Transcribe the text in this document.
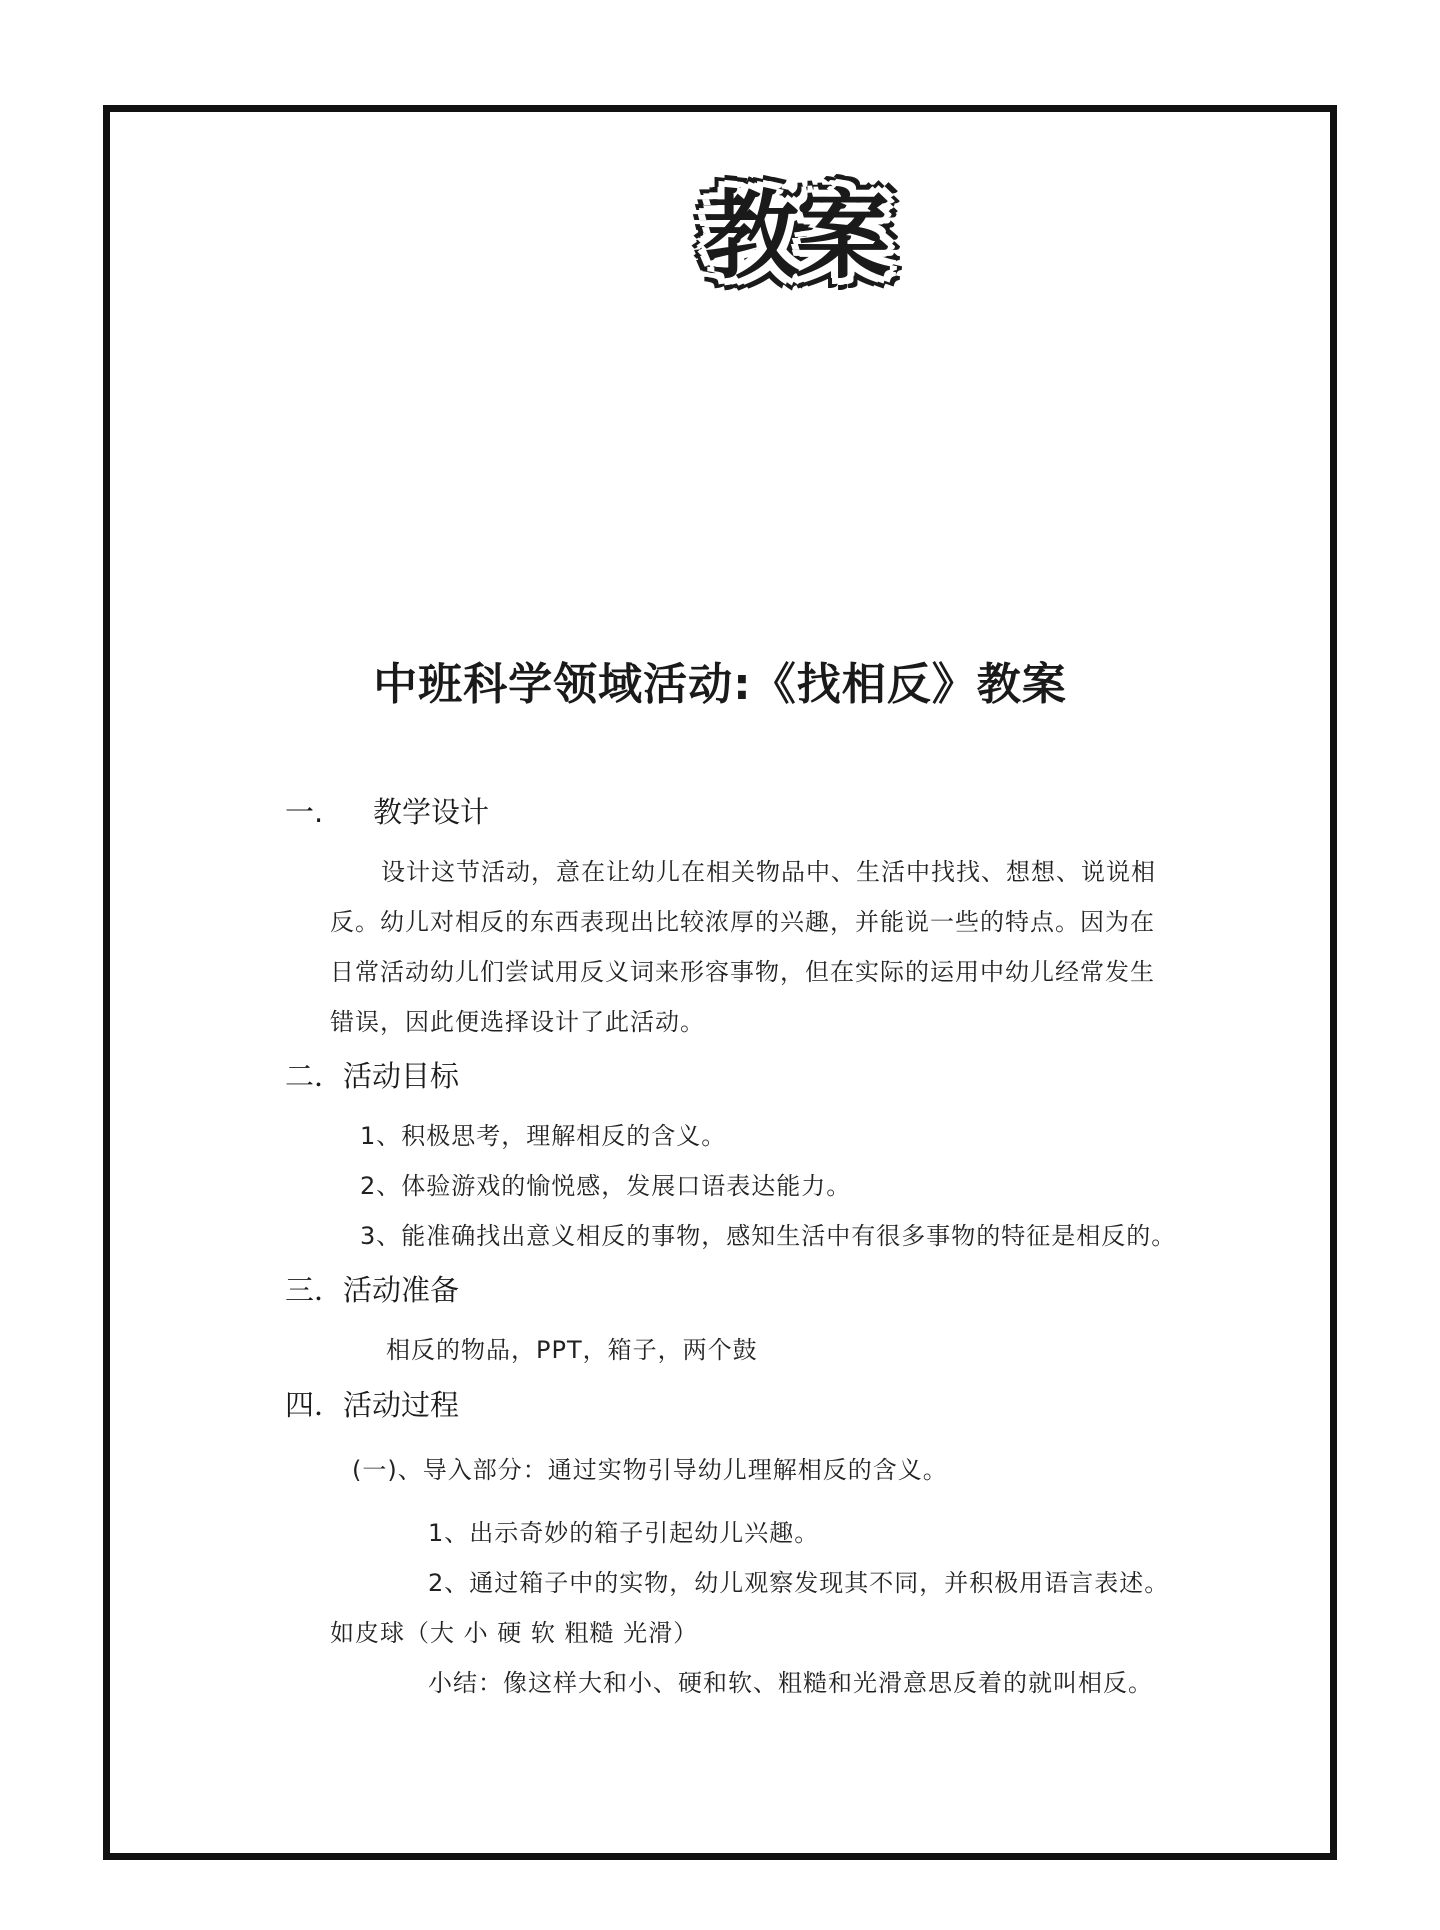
教案
中班科学领域活动:《找相反》教案
一. 教学设计
设计这节活动，意在让幼儿在相关物品中、生活中找找、想想、说说相
反。幼儿对相反的东西表现出比较浓厚的兴趣，并能说一些的特点。因为在
日常活动幼儿们尝试用反义词来形容事物，但在实际的运用中幼儿经常发生
错误，因此便选择设计了此活动。
二．活动目标
1、积极思考，理解相反的含义。
2、体验游戏的愉悦感，发展口语表达能力。
3、能准确找出意义相反的事物，感知生活中有很多事物的特征是相反的。
三．活动准备
相反的物品，PPT，箱子，两个鼓
四．活动过程
(一)、导入部分：通过实物引导幼儿理解相反的含义。
1、出示奇妙的箱子引起幼儿兴趣。
2、通过箱子中的实物，幼儿观察发现其不同，并积极用语言表述。
如皮球（大 小 硬 软 粗糙 光滑）
小结：像这样大和小、硬和软、粗糙和光滑意思反着的就叫相反。
